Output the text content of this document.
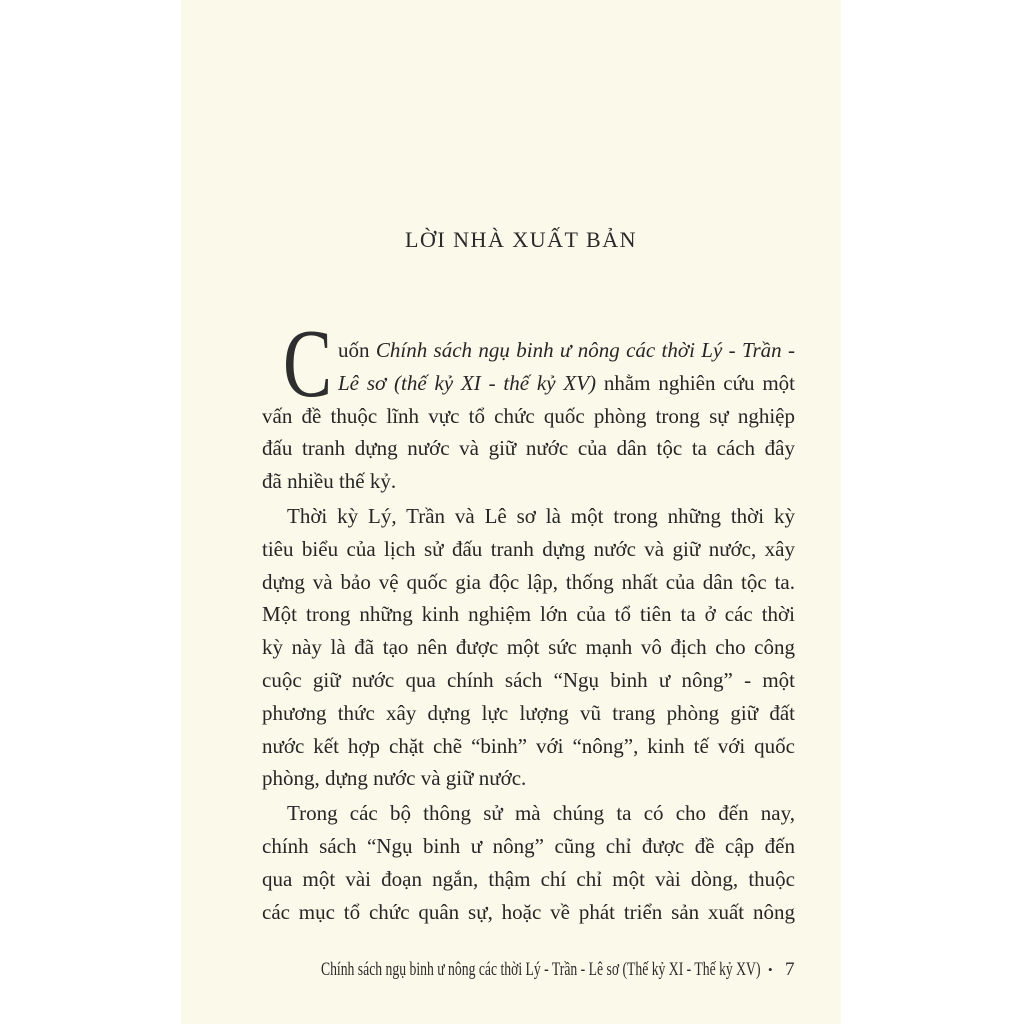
LỜI NHÀ XUẤT BẢN
C uốn Chính sách ngụ binh ư nông các thời Lý - Trần -
Lê sơ (thế kỷ XI - thế kỷ XV) nhằm nghiên cứu một
vấn đề thuộc lĩnh vực tổ chức quốc phòng trong sự nghiệp
đấu tranh dựng nước và giữ nước của dân tộc ta cách đây
đã nhiều thế kỷ.
Thời kỳ Lý, Trần và Lê sơ là một trong những thời kỳ
tiêu biểu của lịch sử đấu tranh dựng nước và giữ nước, xây
dựng và bảo vệ quốc gia độc lập, thống nhất của dân tộc ta.
Một trong những kinh nghiệm lớn của tổ tiên ta ở các thời
kỳ này là đã tạo nên được một sức mạnh vô địch cho công
cuộc giữ nước qua chính sách “Ngụ binh ư nông” - một
phương thức xây dựng lực lượng vũ trang phòng giữ đất
nước kết hợp chặt chẽ “binh” với “nông”, kinh tế với quốc
phòng, dựng nước và giữ nước.
Trong các bộ thông sử mà chúng ta có cho đến nay,
chính sách “Ngụ binh ư nông” cũng chỉ được đề cập đến
qua một vài đoạn ngắn, thậm chí chỉ một vài dòng, thuộc
các mục tổ chức quân sự, hoặc về phát triển sản xuất nông
Chính sách ngụ binh ư nông các thời Lý - Trần - Lê sơ (Thế kỷ XI - Thế kỷ XV) • 7
